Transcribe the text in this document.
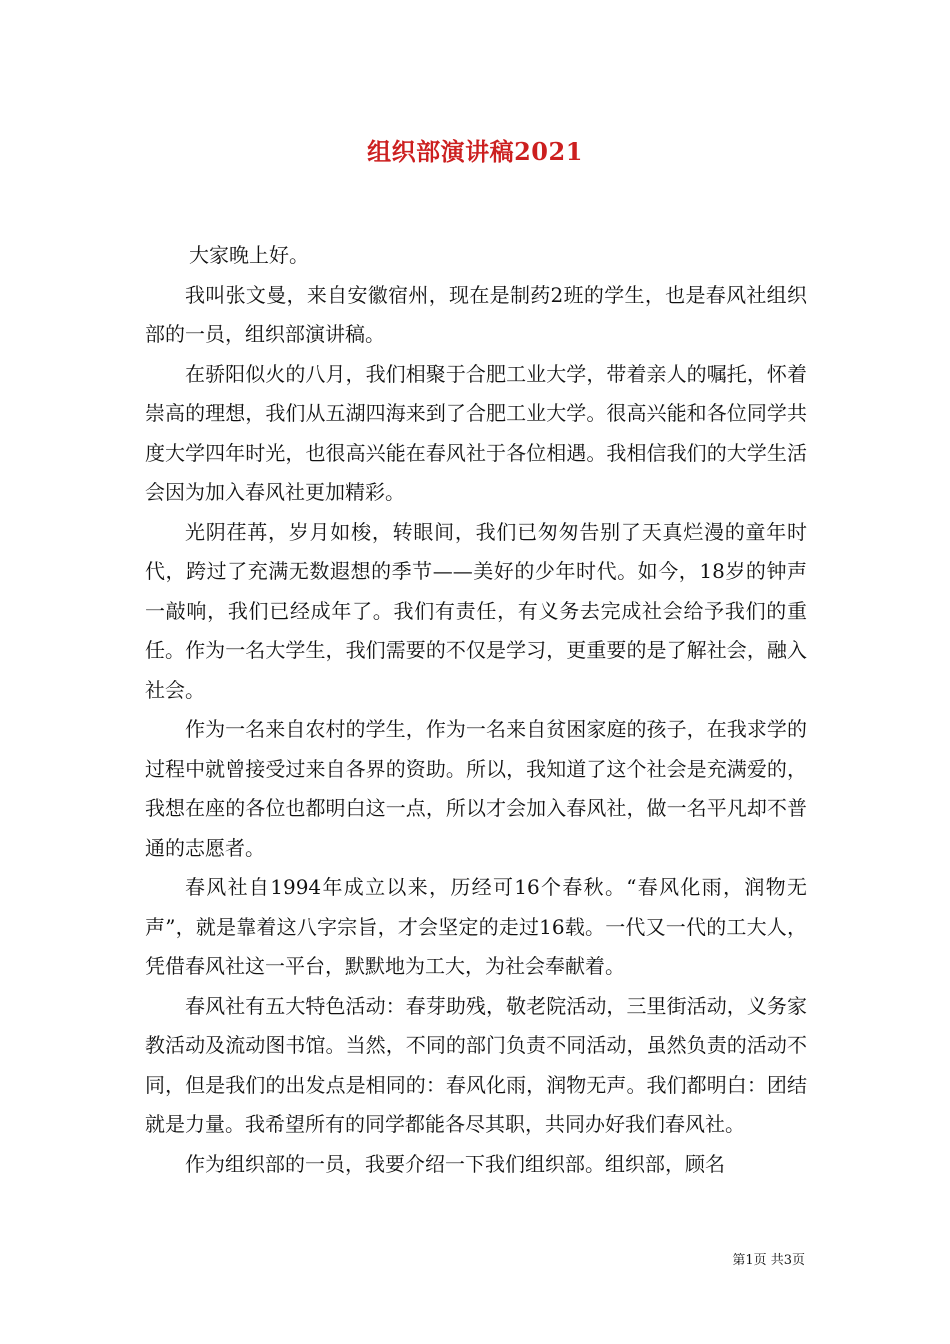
组织部演讲稿2021

大家晚上好。

我叫张文曼，来自安徽宿州，现在是制药2班的学生，也是春风社组织部的一员，组织部演讲稿。

在骄阳似火的八月，我们相聚于合肥工业大学，带着亲人的嘱托，怀着崇高的理想，我们从五湖四海来到了合肥工业大学。很高兴能和各位同学共度大学四年时光，也很高兴能在春风社于各位相遇。我相信我们的大学生活会因为加入春风社更加精彩。

光阴荏苒，岁月如梭，转眼间，我们已匆匆告别了天真烂漫的童年时代，跨过了充满无数遐想的季节——美好的少年时代。如今，18岁的钟声一敲响，我们已经成年了。我们有责任，有义务去完成社会给予我们的重任。作为一名大学生，我们需要的不仅是学习，更重要的是了解社会，融入社会。

作为一名来自农村的学生，作为一名来自贫困家庭的孩子，在我求学的过程中就曾接受过来自各界的资助。所以，我知道了这个社会是充满爱的，我想在座的各位也都明白这一点，所以才会加入春风社，做一名平凡却不普通的志愿者。

春风社自1994年成立以来，历经可16个春秋。“春风化雨，润物无声”，就是靠着这八字宗旨，才会坚定的走过16载。一代又一代的工大人，凭借春风社这一平台，默默地为工大，为社会奉献着。

春风社有五大特色活动：春芽助残，敬老院活动，三里街活动，义务家教活动及流动图书馆。当然，不同的部门负责不同活动，虽然负责的活动不同，但是我们的出发点是相同的：春风化雨，润物无声。我们都明白：团结就是力量。我希望所有的同学都能各尽其职，共同办好我们春风社。

作为组织部的一员，我要介绍一下我们组织部。组织部，顾名

第1页 共3页
